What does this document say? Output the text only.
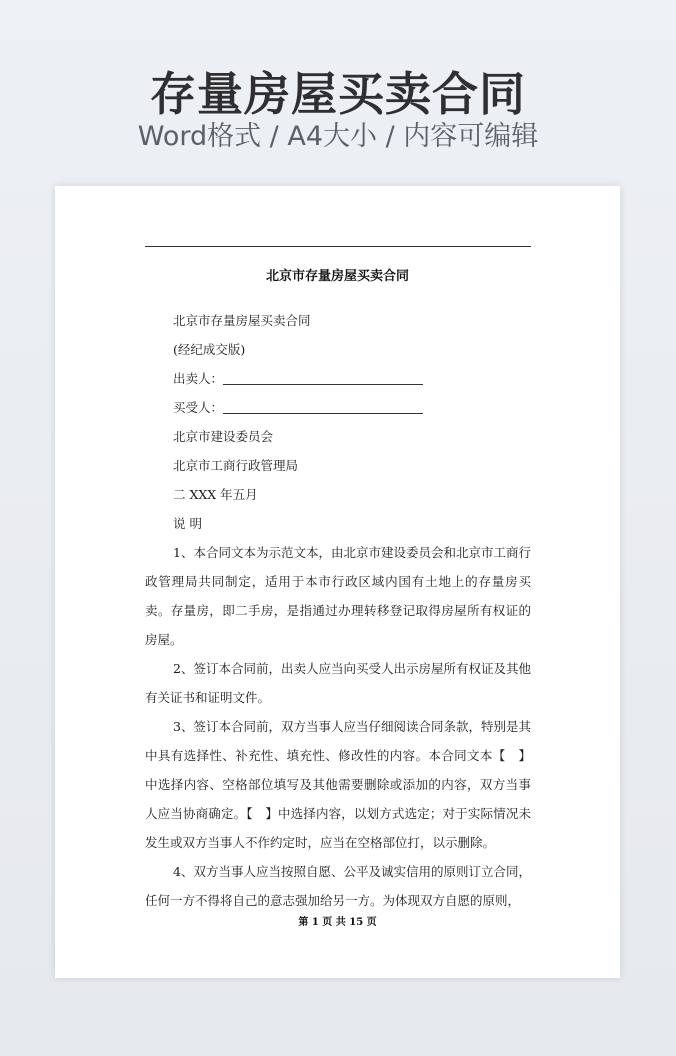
存量房屋买卖合同
Word格式 / A4大小 / 内容可编辑
北京市存量房屋买卖合同
北京市存量房屋买卖合同
(经纪成交版)
出卖人：
买受人：
北京市建设委员会
北京市工商行政管理局
二 XXX 年五月
说 明

1、本合同文本为示范文本，由北京市建设委员会和北京市工商行政管理局共同制定，适用于本市行政区域内国有土地上的存量房买卖。存量房，即二手房，是指通过办理转移登记取得房屋所有权证的房屋。

2、签订本合同前，出卖人应当向买受人出示房屋所有权证及其他有关证书和证明文件。

3、签订本合同前，双方当事人应当仔细阅读合同条款，特别是其中具有选择性、补充性、填充性、修改性的内容。本合同文本【　】中选择内容、空格部位填写及其他需要删除或添加的内容，双方当事人应当协商确定。【　】中选择内容，以划方式选定；对于实际情况未发生或双方当事人不作约定时，应当在空格部位打，以示删除。

4、双方当事人应当按照自愿、公平及诚实信用的原则订立合同，任何一方不得将自己的意志强加给另一方。为体现双方自愿的原则，

第 1 页 共 15 页
